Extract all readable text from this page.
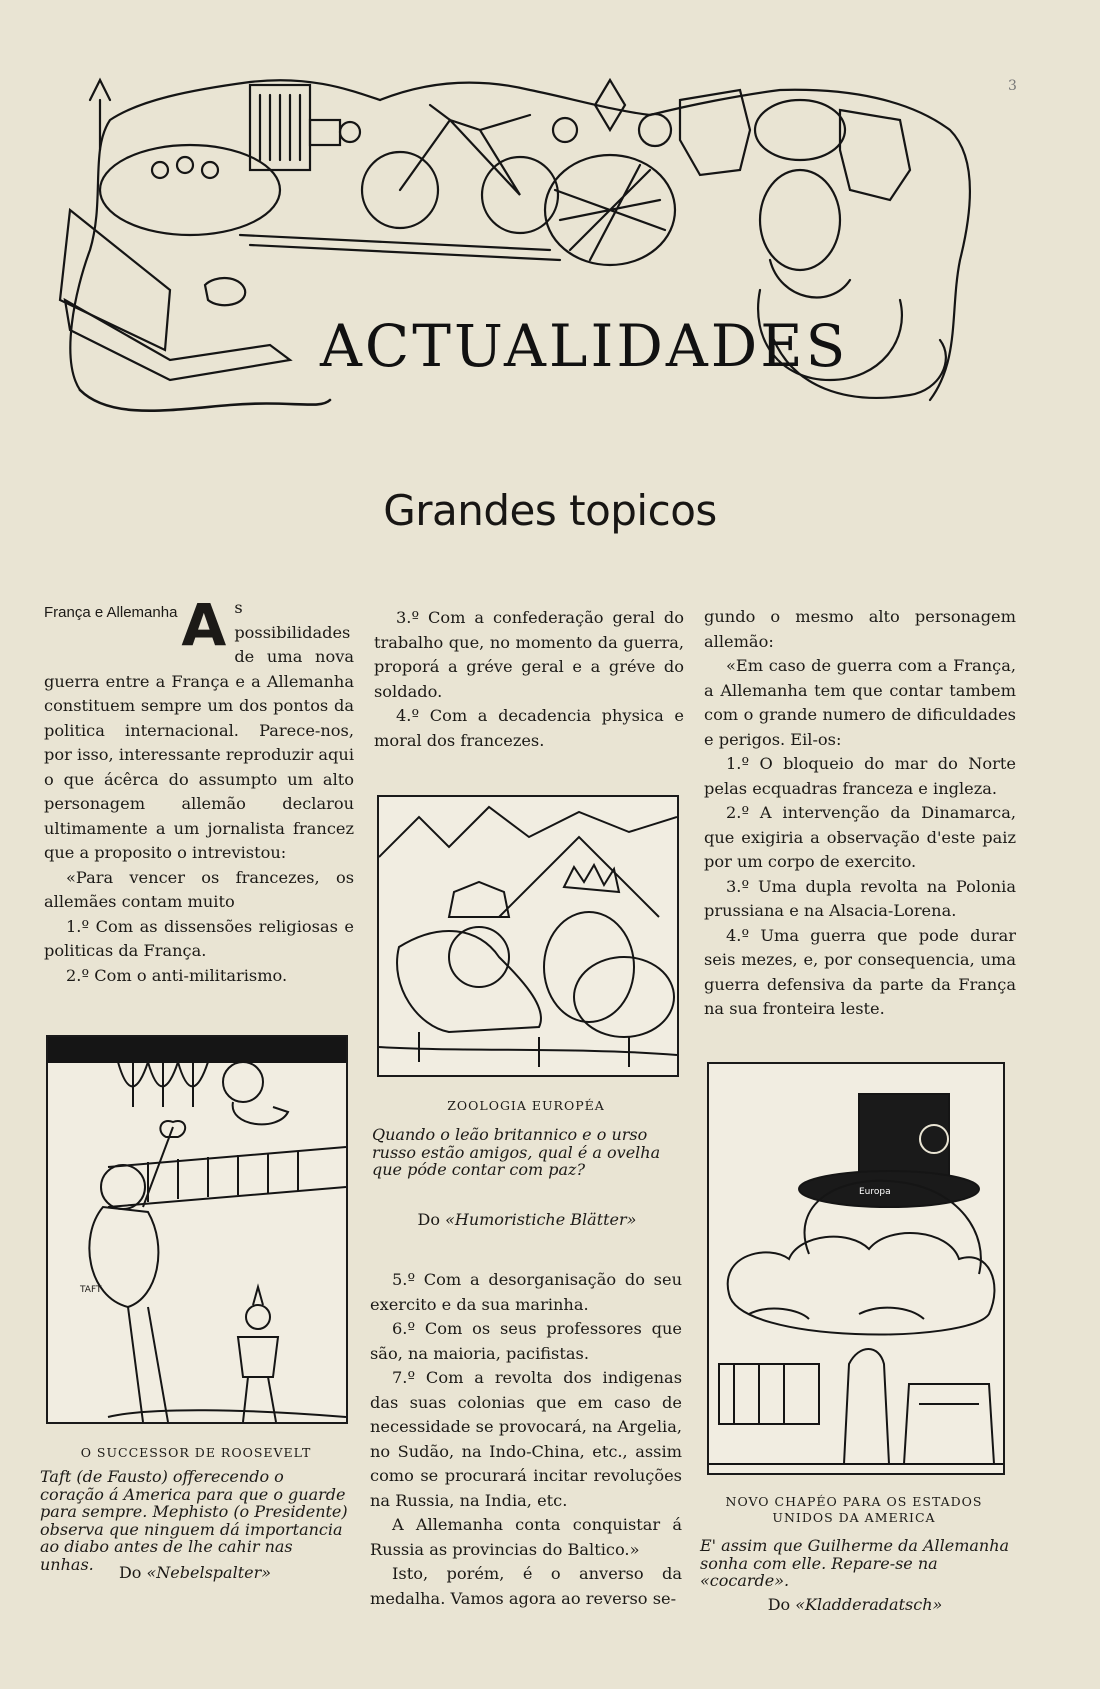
3
ACTUALIDADES
Grandes topicos
França e Allemanha A s possibilidades de uma nova guerra entre a França e a Allemanha constituem sempre um dos pontos da politica internacional. Parece-nos, por isso, interessante reproduzir aqui o que ácêrca do assumpto um alto personagem allemão declarou ultimamente a um jornalista francez que a proposito o intrevistou:

«Para vencer os francezes, os allemães contam muito

1.º Com as dissensões religiosas e politicas da França.

2.º Com o anti-militarismo.

TAFT
O SUCCESSOR DE ROOSEVELT
Taft (de Fausto) offerecendo o coração á America para que o guarde para sempre. Mephisto (o Presidente) observa que ninguem dá importancia ao diabo antes de lhe cahir nas unhas.	Do «Nebelspalter»

3.º Com a confederação geral do trabalho que, no momento da guerra, proporá a gréve geral e a gréve do soldado.

4.º Com a decadencia physica e moral dos francezes.

ZOOLOGIA EUROPÉA
Quando o leão britannico e o urso russo estão amigos, qual é a ovelha que póde contar com paz?
Do «Humoristiche Blätter»

5.º Com a desorganisação do seu exercito e da sua marinha.

6.º Com os seus professores que são, na maioria, pacifistas.

7.º Com a revolta dos indigenas das suas colonias que em caso de necessidade se provocará, na Argelia, no Sudão, na Indo-China, etc., assim como se procurará incitar revoluções na Russia, na India, etc.

A Allemanha conta conquistar á Russia as provincias do Baltico.»

Isto, porém, é o anverso da medalha. Vamos agora ao reverso se-

gundo o mesmo alto personagem allemão:

«Em caso de guerra com a França, a Allemanha tem que contar tambem com o grande numero de dificuldades e perigos. Eil-os:

1.º O bloqueio do mar do Norte pelas ecquadras franceza e ingleza.

2.º A intervenção da Dinamarca, que exigiria a observação d'este paiz por um corpo de exercito.

3.º Uma dupla revolta na Polonia prussiana e na Alsacia-Lorena.

4.º Uma guerra que pode durar seis mezes, e, por consequencia, uma guerra defensiva da parte da França na sua fronteira leste.

Europa
NOVO CHAPÉO PARA OS ESTADOS UNIDOS DA AMERICA
E' assim que Guilherme da Allemanha sonha com elle. Repare-se na «cocarde».
Do «Kladderadatsch»
